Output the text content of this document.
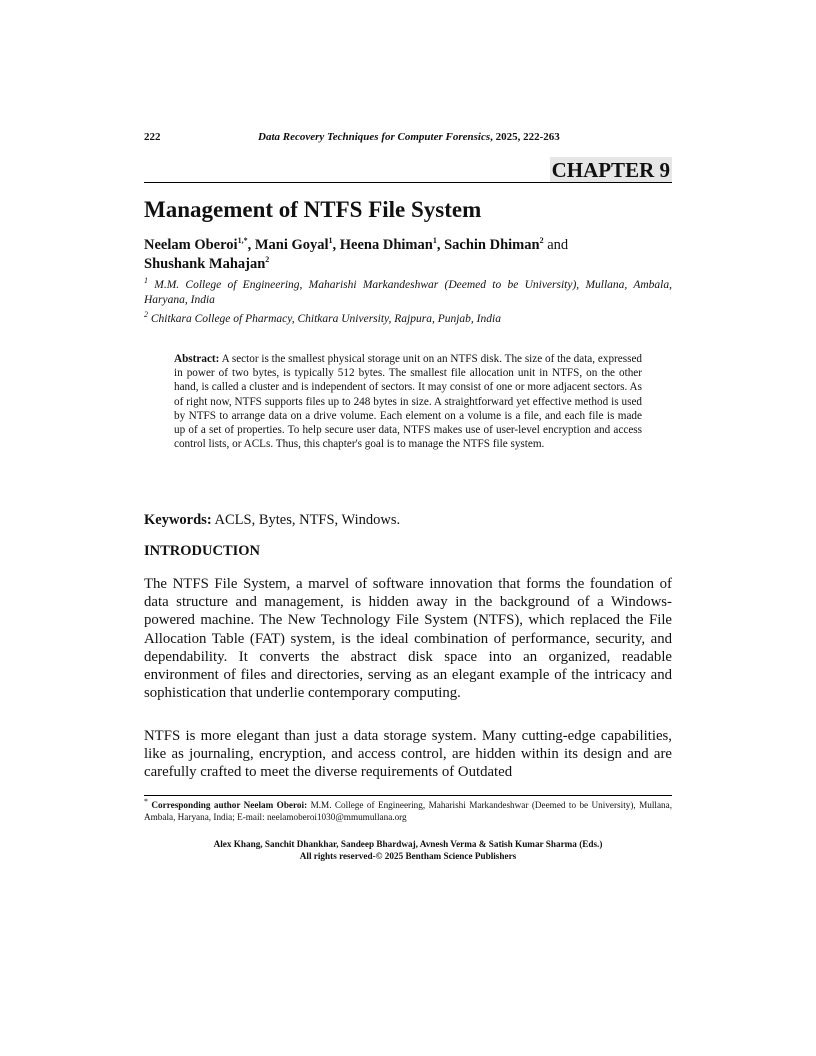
222	Data Recovery Techniques for Computer Forensics, 2025, 222-263
CHAPTER 9
Management of NTFS File System
Neelam Oberoi$^{1,*}$, Mani Goyal$^1$, Heena Dhiman$^1$, Sachin Dhiman$^2$ and
Shushank Mahajan$^2$
$^1$ M.M. College of Engineering, Maharishi Markandeshwar (Deemed to be University), Mullana, Ambala, Haryana, India
$^2$ Chitkara College of Pharmacy, Chitkara University, Rajpura, Punjab, India
Abstract: A sector is the smallest physical storage unit on an NTFS disk. The size of the data, expressed in power of two bytes, is typically 512 bytes. The smallest file allocation unit in NTFS, on the other hand, is called a cluster and is independent of sectors. It may consist of one or more adjacent sectors. As of right now, NTFS supports files up to 248 bytes in size. A straightforward yet effective method is used by NTFS to arrange data on a drive volume. Each element on a volume is a file, and each file is made up of a set of properties. To help secure user data, NTFS makes use of user-level encryption and access control lists, or ACLs. Thus, this chapter's goal is to manage the NTFS file system.
Keywords: ACLS, Bytes, NTFS, Windows.
INTRODUCTION
The NTFS File System, a marvel of software innovation that forms the foundation of data structure and management, is hidden away in the background of a Windows-powered machine. The New Technology File System (NTFS), which replaced the File Allocation Table (FAT) system, is the ideal combination of performance, security, and dependability. It converts the abstract disk space into an organized, readable environment of files and directories, serving as an elegant example of the intricacy and sophistication that underlie contemporary computing.
NTFS is more elegant than just a data storage system. Many cutting-edge capabilities, like as journaling, encryption, and access control, are hidden within its design and are carefully crafted to meet the diverse requirements of Outdated
* Corresponding author Neelam Oberoi: M.M. College of Engineering, Maharishi Markandeshwar (Deemed to be University), Mullana, Ambala, Haryana, India; E-mail: neelamoberoi1030@mmumullana.org
Alex Khang, Sanchit Dhankhar, Sandeep Bhardwaj, Avnesh Verma & Satish Kumar Sharma (Eds.)
All rights reserved-© 2025 Bentham Science Publishers
